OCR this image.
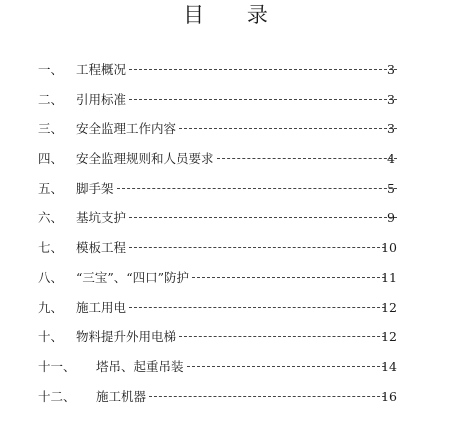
目 录
一、 工程概况	3
二、 引用标准	3
三、 安全监理工作内容	3
四、 安全监理规则和人员要求	4
五、 脚手架	5
六、 基坑支护	9
七、 模板工程	10
八、 “三宝”、“四口”防护	11
九、 施工用电	12
十、 物料提升外用电梯	12
十一、 塔吊、起重吊装	14
十二、 施工机器	16
